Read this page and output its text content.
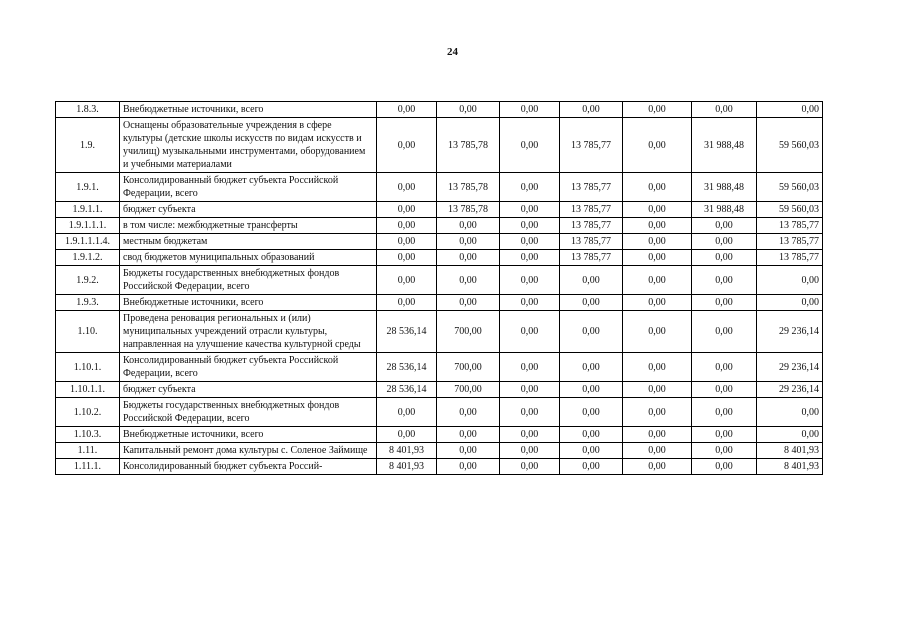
24
1.8.3.	Внебюджетные источники, всего	0,00	0,00	0,00	0,00	0,00	0,00	0,00
1.9.	Оснащены образовательные учреждения в сфере культуры (детские школы искусств по видам искусств и училищ) музыкальными инструментами, оборудованием и учебными материалами	0,00	13 785,78	0,00	13 785,77	0,00	31 988,48	59 560,03
1.9.1.	Консолидированный бюджет субъекта Российской Федерации, всего	0,00	13 785,78	0,00	13 785,77	0,00	31 988,48	59 560,03
1.9.1.1.	бюджет субъекта	0,00	13 785,78	0,00	13 785,77	0,00	31 988,48	59 560,03
1.9.1.1.1.	в том числе: межбюджетные трансферты	0,00	0,00	0,00	13 785,77	0,00	0,00	13 785,77
1.9.1.1.1.4.	местным бюджетам	0,00	0,00	0,00	13 785,77	0,00	0,00	13 785,77
1.9.1.2.	свод бюджетов муниципальных образований	0,00	0,00	0,00	13 785,77	0,00	0,00	13 785,77
1.9.2.	Бюджеты государственных внебюджетных фондов Российской Федерации, всего	0,00	0,00	0,00	0,00	0,00	0,00	0,00
1.9.3.	Внебюджетные источники, всего	0,00	0,00	0,00	0,00	0,00	0,00	0,00
1.10.	Проведена реновация региональных и (или) муниципальных учреждений отрасли культуры, направленная на улучшение качества культурной среды	28 536,14	700,00	0,00	0,00	0,00	0,00	29 236,14
1.10.1.	Консолидированный бюджет субъекта Российской Федерации, всего	28 536,14	700,00	0,00	0,00	0,00	0,00	29 236,14
1.10.1.1.	бюджет субъекта	28 536,14	700,00	0,00	0,00	0,00	0,00	29 236,14
1.10.2.	Бюджеты государственных внебюджетных фондов Российской Федерации, всего	0,00	0,00	0,00	0,00	0,00	0,00	0,00
1.10.3.	Внебюджетные источники, всего	0,00	0,00	0,00	0,00	0,00	0,00	0,00
1.11.	Капитальный ремонт дома культуры с. Соленое Займище	8 401,93	0,00	0,00	0,00	0,00	0,00	8 401,93
1.11.1.	Консолидированный бюджет субъекта Россий-	8 401,93	0,00	0,00	0,00	0,00	0,00	8 401,93
